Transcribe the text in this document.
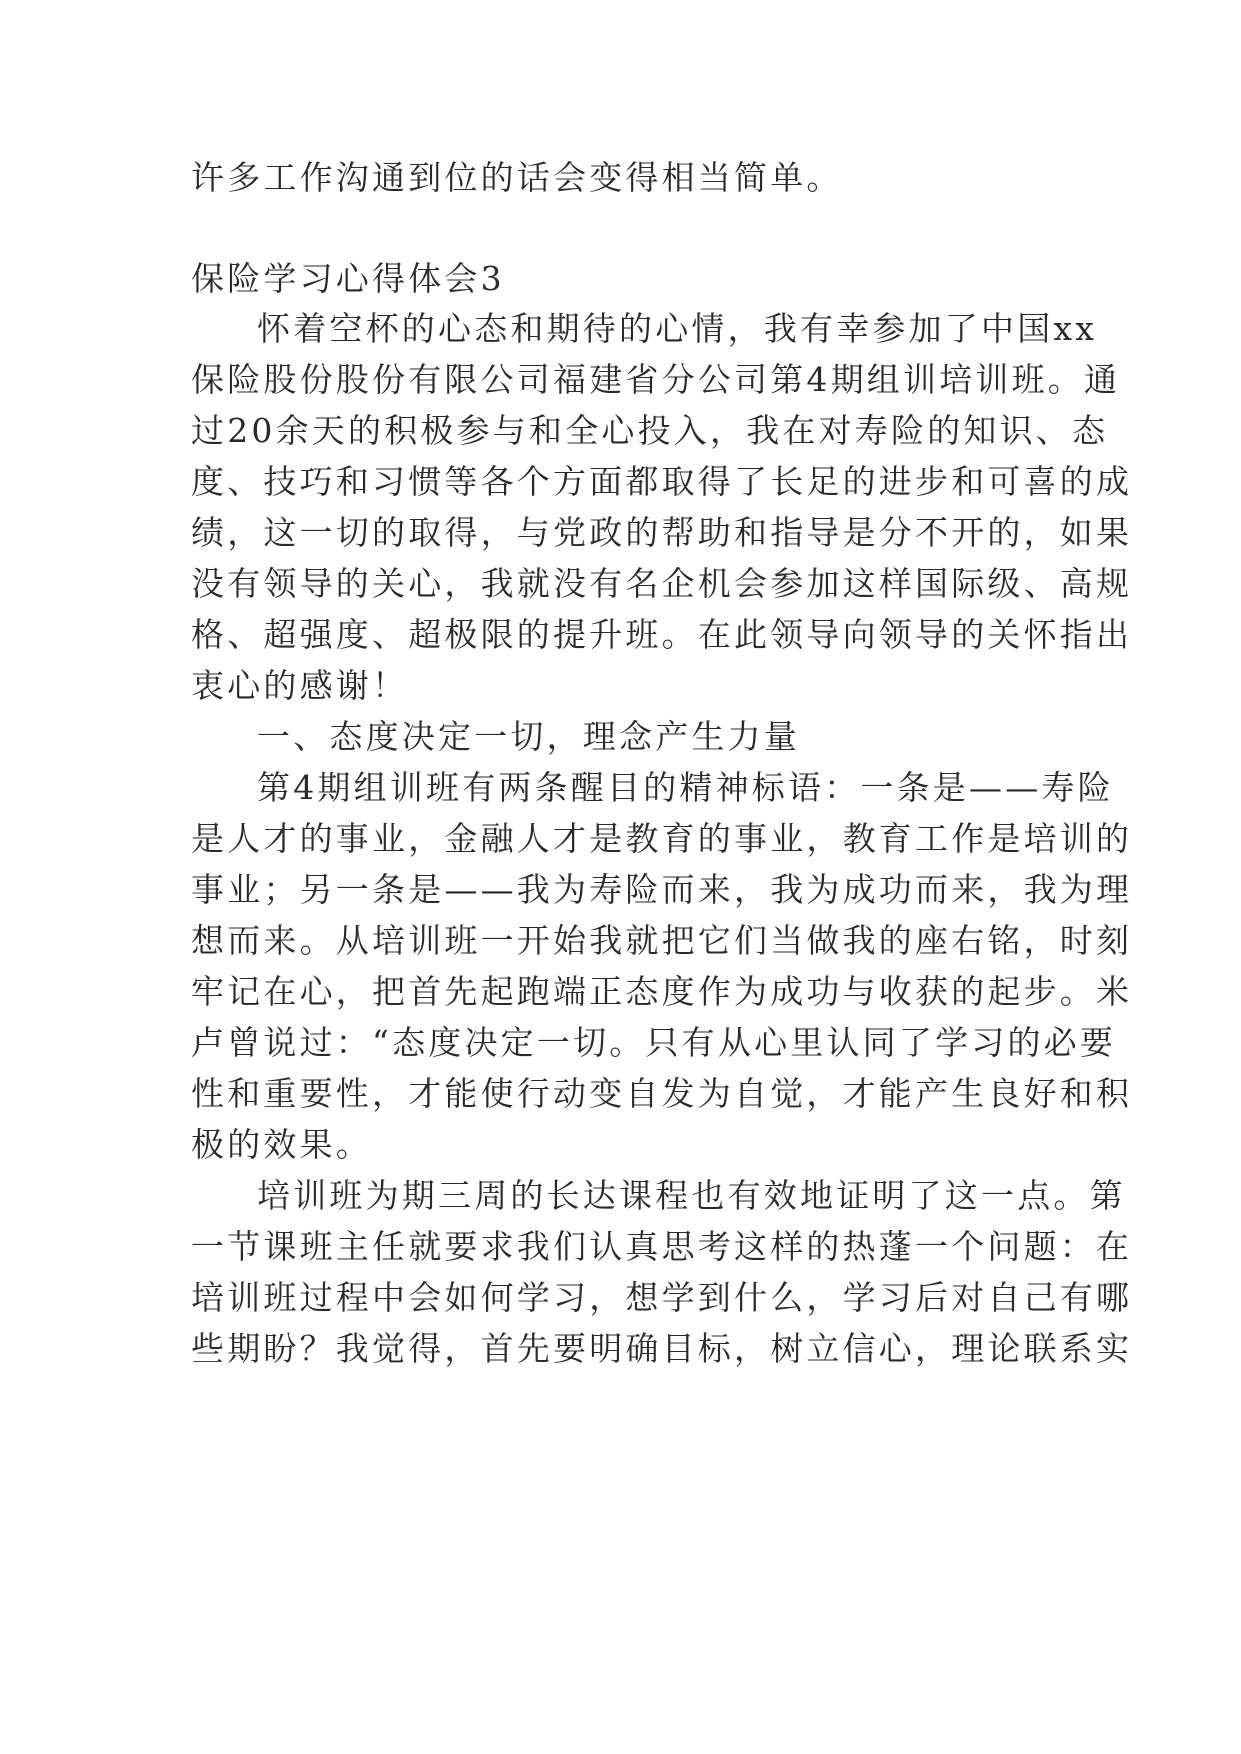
许多工作沟通到位的话会变得相当简单。
保险学习心得体会3
怀着空杯的心态和期待的心情，我有幸参加了中国xx
保险股份股份有限公司福建省分公司第4期组训培训班。通
过20余天的积极参与和全心投入，我在对寿险的知识、态
度、技巧和习惯等各个方面都取得了长足的进步和可喜的成
绩，这一切的取得，与党政的帮助和指导是分不开的，如果
没有领导的关心，我就没有名企机会参加这样国际级、高规
格、超强度、超极限的提升班。在此领导向领导的关怀指出
衷心的感谢！
一、态度决定一切，理念产生力量
第4期组训班有两条醒目的精神标语：一条是——寿险
是人才的事业，金融人才是教育的事业，教育工作是培训的
事业；另一条是——我为寿险而来，我为成功而来，我为理
想而来。从培训班一开始我就把它们当做我的座右铭，时刻
牢记在心，把首先起跑端正态度作为成功与收获的起步。米
卢曾说过：“态度决定一切。只有从心里认同了学习的必要
性和重要性，才能使行动变自发为自觉，才能产生良好和积
极的效果。
培训班为期三周的长达课程也有效地证明了这一点。第
一节课班主任就要求我们认真思考这样的热蓬一个问题：在
培训班过程中会如何学习，想学到什么，学习后对自己有哪
些期盼？我觉得，首先要明确目标，树立信心，理论联系实
